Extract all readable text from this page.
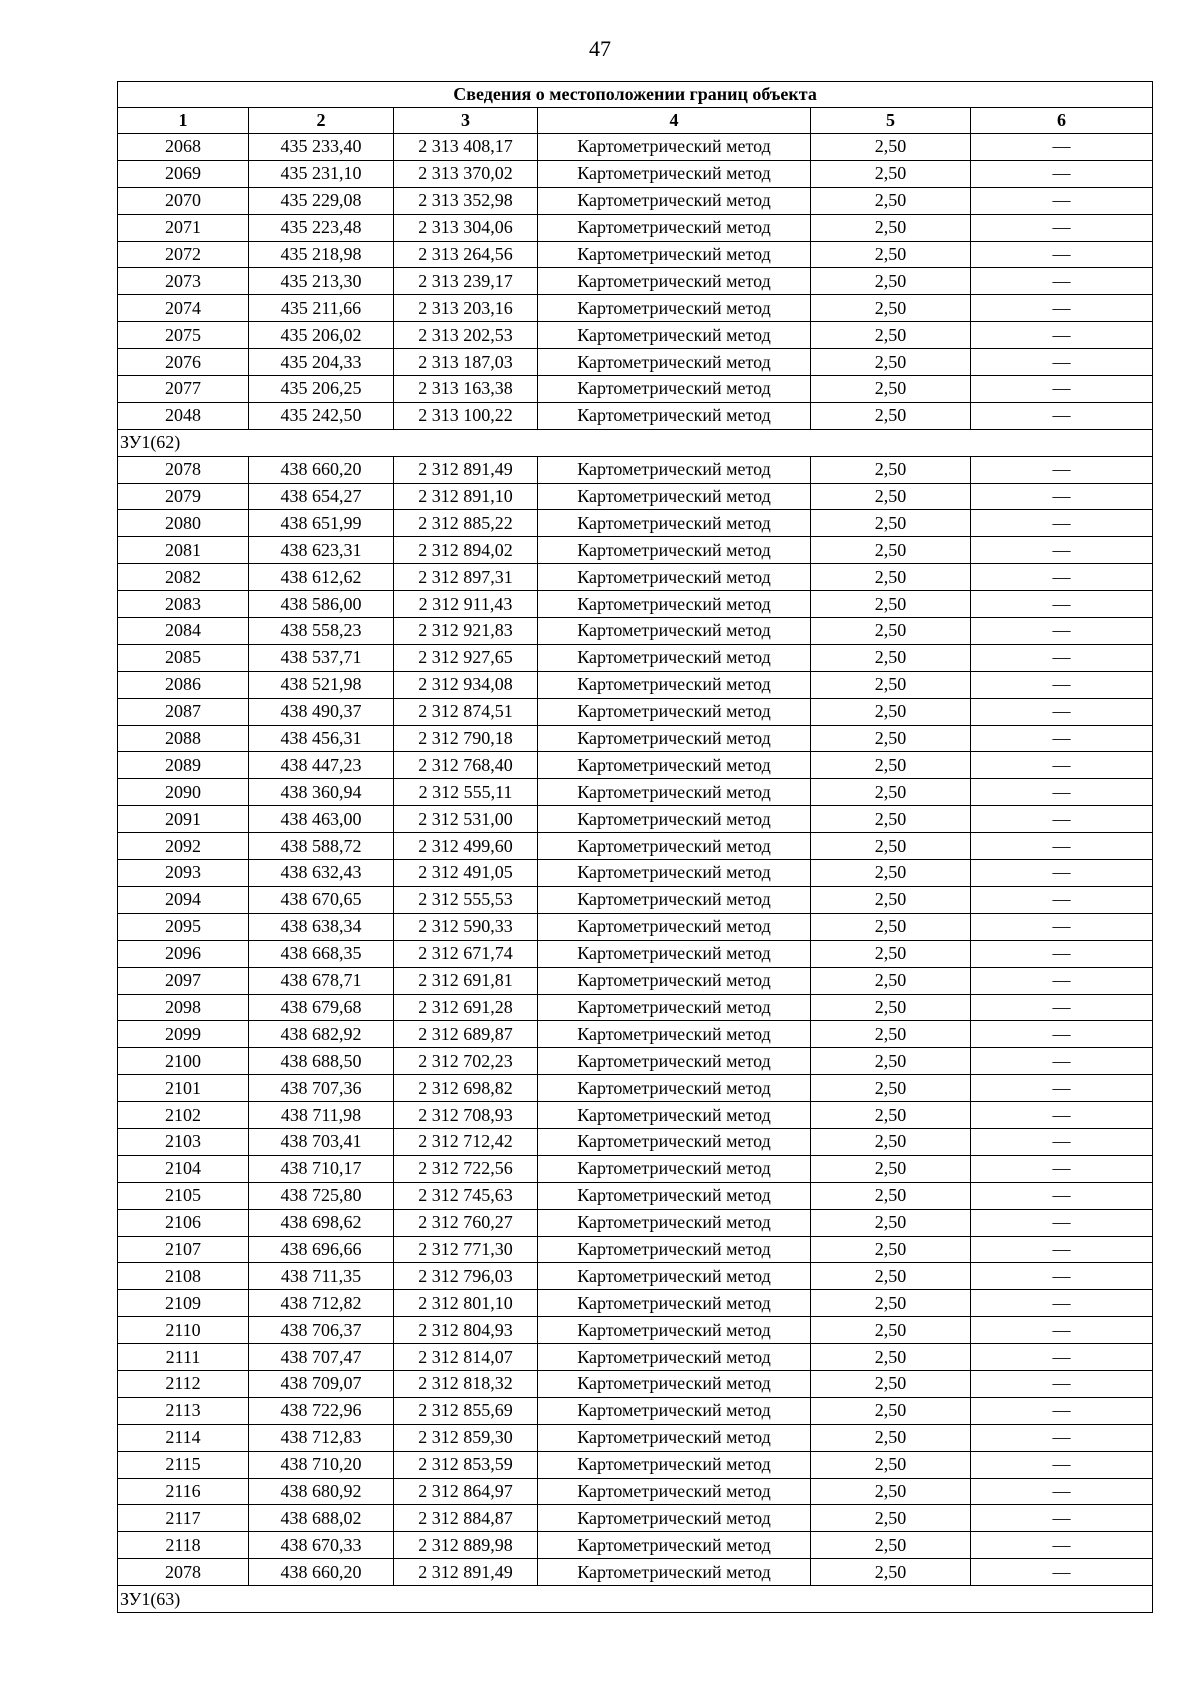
47
Сведения о местоположении границ объекта					
1	2	3	4	5	6
2068	435 233,40	2 313 408,17	Картометрический метод	2,50	—
2069	435 231,10	2 313 370,02	Картометрический метод	2,50	—
2070	435 229,08	2 313 352,98	Картометрический метод	2,50	—
2071	435 223,48	2 313 304,06	Картометрический метод	2,50	—
2072	435 218,98	2 313 264,56	Картометрический метод	2,50	—
2073	435 213,30	2 313 239,17	Картометрический метод	2,50	—
2074	435 211,66	2 313 203,16	Картометрический метод	2,50	—
2075	435 206,02	2 313 202,53	Картометрический метод	2,50	—
2076	435 204,33	2 313 187,03	Картометрический метод	2,50	—
2077	435 206,25	2 313 163,38	Картометрический метод	2,50	—
2048	435 242,50	2 313 100,22	Картометрический метод	2,50	—
ЗУ1(62)					
2078	438 660,20	2 312 891,49	Картометрический метод	2,50	—
2079	438 654,27	2 312 891,10	Картометрический метод	2,50	—
2080	438 651,99	2 312 885,22	Картометрический метод	2,50	—
2081	438 623,31	2 312 894,02	Картометрический метод	2,50	—
2082	438 612,62	2 312 897,31	Картометрический метод	2,50	—
2083	438 586,00	2 312 911,43	Картометрический метод	2,50	—
2084	438 558,23	2 312 921,83	Картометрический метод	2,50	—
2085	438 537,71	2 312 927,65	Картометрический метод	2,50	—
2086	438 521,98	2 312 934,08	Картометрический метод	2,50	—
2087	438 490,37	2 312 874,51	Картометрический метод	2,50	—
2088	438 456,31	2 312 790,18	Картометрический метод	2,50	—
2089	438 447,23	2 312 768,40	Картометрический метод	2,50	—
2090	438 360,94	2 312 555,11	Картометрический метод	2,50	—
2091	438 463,00	2 312 531,00	Картометрический метод	2,50	—
2092	438 588,72	2 312 499,60	Картометрический метод	2,50	—
2093	438 632,43	2 312 491,05	Картометрический метод	2,50	—
2094	438 670,65	2 312 555,53	Картометрический метод	2,50	—
2095	438 638,34	2 312 590,33	Картометрический метод	2,50	—
2096	438 668,35	2 312 671,74	Картометрический метод	2,50	—
2097	438 678,71	2 312 691,81	Картометрический метод	2,50	—
2098	438 679,68	2 312 691,28	Картометрический метод	2,50	—
2099	438 682,92	2 312 689,87	Картометрический метод	2,50	—
2100	438 688,50	2 312 702,23	Картометрический метод	2,50	—
2101	438 707,36	2 312 698,82	Картометрический метод	2,50	—
2102	438 711,98	2 312 708,93	Картометрический метод	2,50	—
2103	438 703,41	2 312 712,42	Картометрический метод	2,50	—
2104	438 710,17	2 312 722,56	Картометрический метод	2,50	—
2105	438 725,80	2 312 745,63	Картометрический метод	2,50	—
2106	438 698,62	2 312 760,27	Картометрический метод	2,50	—
2107	438 696,66	2 312 771,30	Картометрический метод	2,50	—
2108	438 711,35	2 312 796,03	Картометрический метод	2,50	—
2109	438 712,82	2 312 801,10	Картометрический метод	2,50	—
2110	438 706,37	2 312 804,93	Картометрический метод	2,50	—
2111	438 707,47	2 312 814,07	Картометрический метод	2,50	—
2112	438 709,07	2 312 818,32	Картометрический метод	2,50	—
2113	438 722,96	2 312 855,69	Картометрический метод	2,50	—
2114	438 712,83	2 312 859,30	Картометрический метод	2,50	—
2115	438 710,20	2 312 853,59	Картометрический метод	2,50	—
2116	438 680,92	2 312 864,97	Картометрический метод	2,50	—
2117	438 688,02	2 312 884,87	Картометрический метод	2,50	—
2118	438 670,33	2 312 889,98	Картометрический метод	2,50	—
2078	438 660,20	2 312 891,49	Картометрический метод	2,50	—
ЗУ1(63)					
